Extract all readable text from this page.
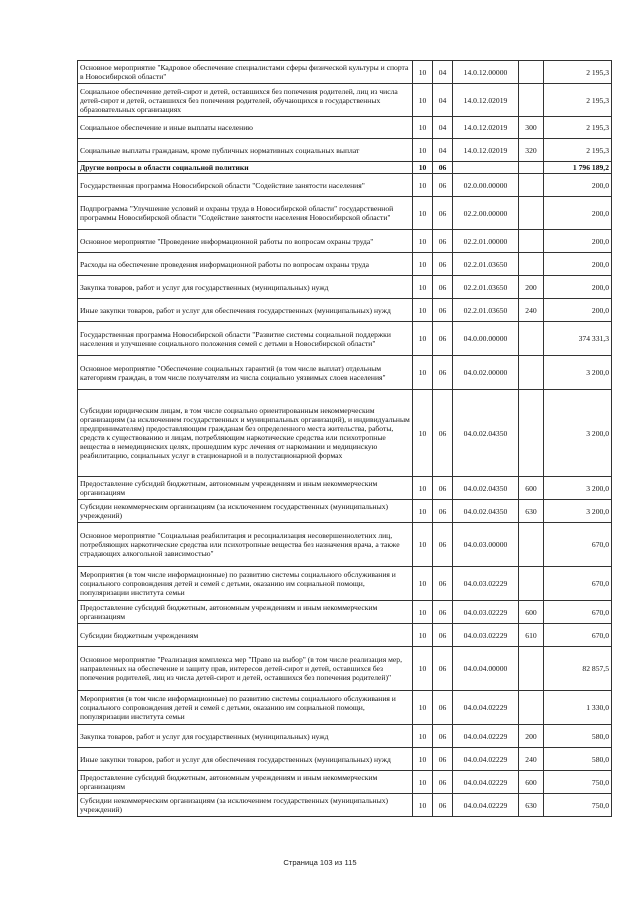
Основное мероприятие "Кадровое обеспечение специалистами сферы физической культуры и спорта в Новосибирской области"	10	04	14.0.12.00000		2 195,3
Социальное обеспечение детей-сирот и детей, оставшихся без попечения родителей, лиц из числа детей-сирот и детей, оставшихся без попечения родителей, обучающихся в государственных образовательных организациях	10	04	14.0.12.02019		2 195,3
Социальное обеспечение и иные выплаты населению	10	04	14.0.12.02019	300	2 195,3
Социальные выплаты гражданам, кроме публичных нормативных социальных выплат	10	04	14.0.12.02019	320	2 195,3
Другие вопросы в области социальной политики	10	06			1 796 189,2
Государственная программа Новосибирской области "Содействие занятости населения"	10	06	02.0.00.00000		200,0
Подпрограмма "Улучшение условий и охраны труда в Новосибирской области" государственной программы Новосибирской области "Содействие занятости населения Новосибирской области"	10	06	02.2.00.00000		200,0
Основное мероприятие "Проведение информационной работы по вопросам охраны труда"	10	06	02.2.01.00000		200,0
Расходы на обеспечение проведения информационной работы по вопросам охраны труда	10	06	02.2.01.03650		200,0
Закупка товаров, работ и услуг для государственных (муниципальных) нужд	10	06	02.2.01.03650	200	200,0
Иные закупки товаров, работ и услуг для обеспечения государственных (муниципальных) нужд	10	06	02.2.01.03650	240	200,0
Государственная программа Новосибирской области "Развитие системы социальной поддержки населения и улучшение социального положения семей с детьми в Новосибирской области"	10	06	04.0.00.00000		374 331,3
Основное мероприятие "Обеспечение социальных гарантий (в том числе выплат) отдельным категориям граждан, в том числе получателям из числа социально уязвимых слоев населения"	10	06	04.0.02.00000		3 200,0
Субсидии юридическим лицам, в том числе социально ориентированным некоммерческим организациям (за исключением государственных и муниципальных организаций), и индивидуальным предпринимателям) предоставляющим гражданам без определенного места жительства, работы, средств к существованию и лицам, потребляющим наркотические средства или психотропные вещества в немедицинских целях, прошедшим курс лечения от наркомании и медицинскую реабилитацию, социальных услуг в стационарной и в полустационарной формах	10	06	04.0.02.04350		3 200,0
Предоставление субсидий бюджетным, автономным учреждениям и иным некоммерческим организациям	10	06	04.0.02.04350	600	3 200,0
Субсидии некоммерческим организациям (за исключением государственных (муниципальных) учреждений)	10	06	04.0.02.04350	630	3 200,0
Основное мероприятие "Социальная реабилитация и ресоциализация несовершеннолетних лиц, потребляющих наркотические средства или психотропные вещества без назначения врача, а также страдающих алкогольной зависимостью"	10	06	04.0.03.00000		670,0
Мероприятия (в том числе информационные) по развитию системы социального обслуживания и социального сопровождения детей и семей с детьми, оказанию им социальной помощи, популяризации института семьи	10	06	04.0.03.02229		670,0
Предоставление субсидий бюджетным, автономным учреждениям и иным некоммерческим организациям	10	06	04.0.03.02229	600	670,0
Субсидии бюджетным учреждениям	10	06	04.0.03.02229	610	670,0
Основное мероприятие "Реализация комплекса мер "Право на выбор" (в том числе реализация мер, направленных на обеспечение и защиту прав, интересов детей-сирот и детей, оставшихся без попечения родителей, лиц из числа детей-сирот и детей, оставшихся без попечения родителей)"	10	06	04.0.04.00000		82 857,5
Мероприятия (в том числе информационные) по развитию системы социального обслуживания и социального сопровождения детей и семей с детьми, оказанию им социальной помощи, популяризации института семьи	10	06	04.0.04.02229		1 330,0
Закупка товаров, работ и услуг для государственных (муниципальных) нужд	10	06	04.0.04.02229	200	580,0
Иные закупки товаров, работ и услуг для обеспечения государственных (муниципальных) нужд	10	06	04.0.04.02229	240	580,0
Предоставление субсидий бюджетным, автономным учреждениям и иным некоммерческим организациям	10	06	04.0.04.02229	600	750,0
Субсидии некоммерческим организациям (за исключением государственных (муниципальных) учреждений)	10	06	04.0.04.02229	630	750,0
Страница 103 из 115
